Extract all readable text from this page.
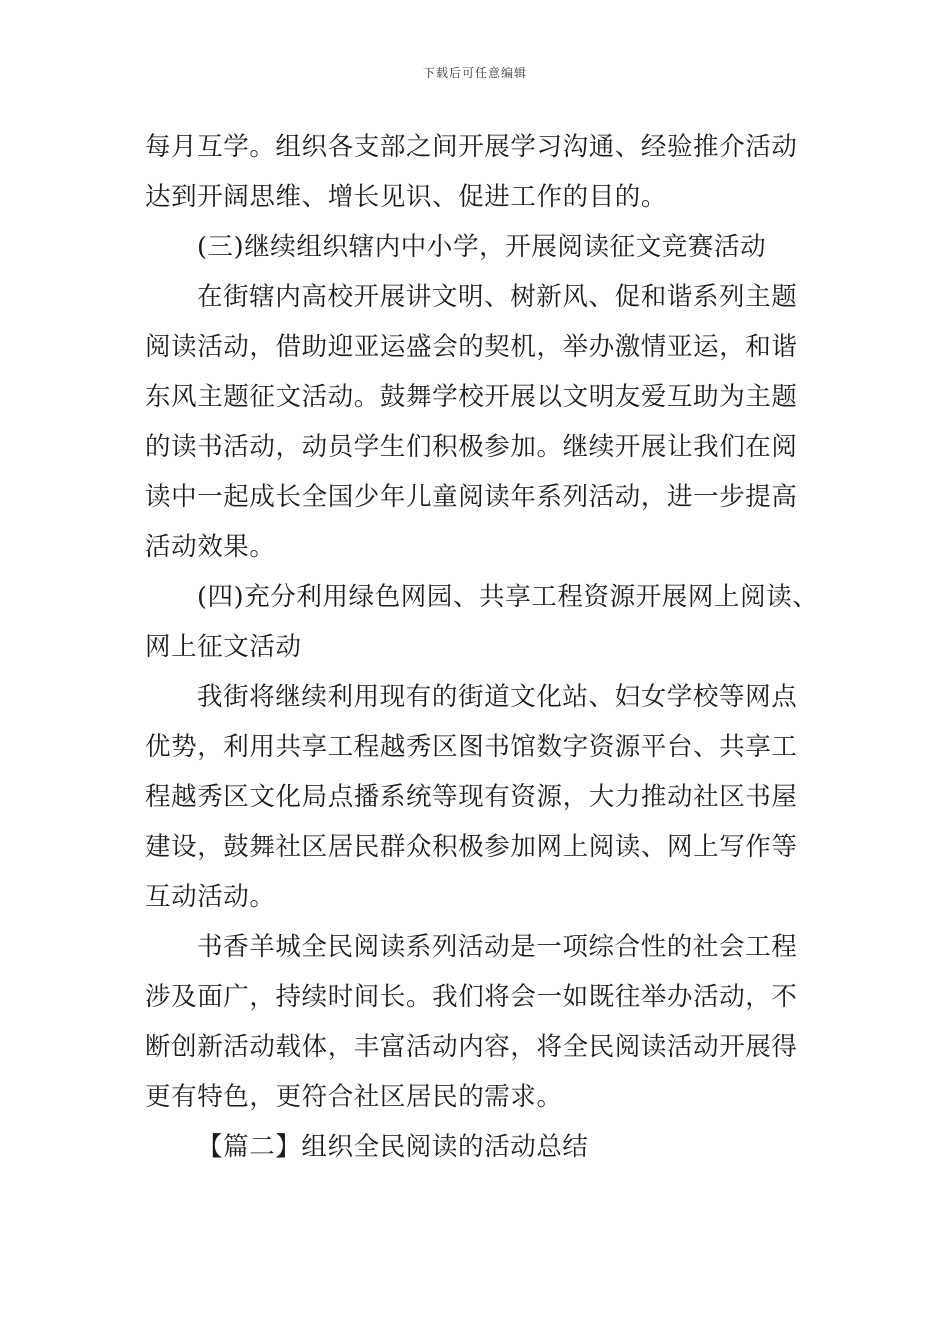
下载后可任意编辑
每月互学。组织各支部之间开展学习沟通、经验推介活动
达到开阔思维、增长见识、促进工作的目的。
(三)继续组织辖内中小学，开展阅读征文竞赛活动
在街辖内高校开展讲文明、树新风、促和谐系列主题
阅读活动，借助迎亚运盛会的契机，举办激情亚运，和谐
东风主题征文活动。鼓舞学校开展以文明友爱互助为主题
的读书活动，动员学生们积极参加。继续开展让我们在阅
读中一起成长全国少年儿童阅读年系列活动，进一步提高
活动效果。
(四)充分利用绿色网园、共享工程资源开展网上阅读、
网上征文活动
我街将继续利用现有的街道文化站、妇女学校等网点
优势，利用共享工程越秀区图书馆数字资源平台、共享工
程越秀区文化局点播系统等现有资源，大力推动社区书屋
建设，鼓舞社区居民群众积极参加网上阅读、网上写作等
互动活动。
书香羊城全民阅读系列活动是一项综合性的社会工程
涉及面广，持续时间长。我们将会一如既往举办活动，不
断创新活动载体，丰富活动内容，将全民阅读活动开展得
更有特色，更符合社区居民的需求。
【篇二】组织全民阅读的活动总结
